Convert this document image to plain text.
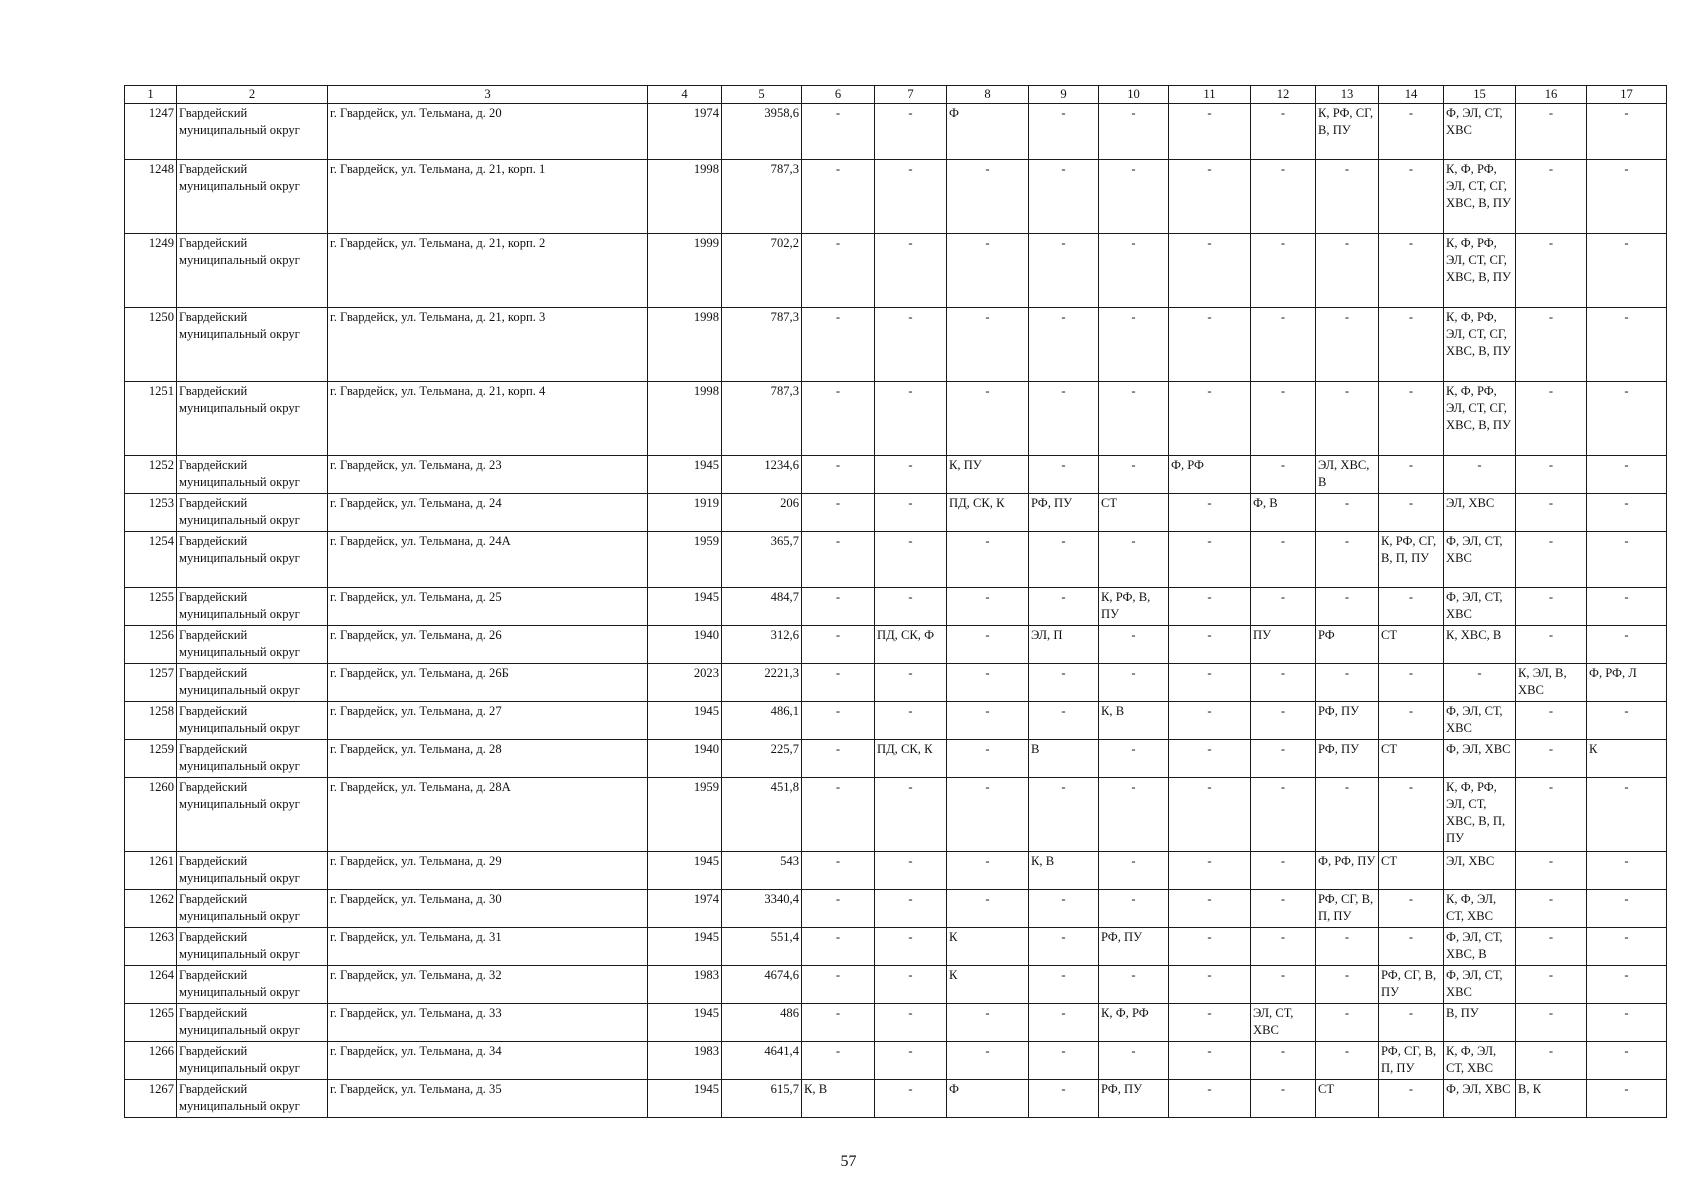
1	2	3	4	5	6	7	8	9	10	11	12	13	14	15	16	17
1247	Гвардейский муниципальный округ	г. Гвардейск, ул. Тельмана, д. 20	1974	3958,6	-	-	Ф	-	-	-	-	К, РФ, СГ, В, ПУ	-	Ф, ЭЛ, СТ, ХВС	-	-
1248	Гвардейский муниципальный округ	г. Гвардейск, ул. Тельмана, д. 21, корп. 1	1998	787,3	-	-	-	-	-	-	-	-	-	К, Ф, РФ, ЭЛ, СТ, СГ, ХВС, В, ПУ	-	-
1249	Гвардейский муниципальный округ	г. Гвардейск, ул. Тельмана, д. 21, корп. 2	1999	702,2	-	-	-	-	-	-	-	-	-	К, Ф, РФ, ЭЛ, СТ, СГ, ХВС, В, ПУ	-	-
1250	Гвардейский муниципальный округ	г. Гвардейск, ул. Тельмана, д. 21, корп. 3	1998	787,3	-	-	-	-	-	-	-	-	-	К, Ф, РФ, ЭЛ, СТ, СГ, ХВС, В, ПУ	-	-
1251	Гвардейский муниципальный округ	г. Гвардейск, ул. Тельмана, д. 21, корп. 4	1998	787,3	-	-	-	-	-	-	-	-	-	К, Ф, РФ, ЭЛ, СТ, СГ, ХВС, В, ПУ	-	-
1252	Гвардейский муниципальный округ	г. Гвардейск, ул. Тельмана, д. 23	1945	1234,6	-	-	К, ПУ	-	-	Ф, РФ	-	ЭЛ, ХВС, В	-	-	-	-
1253	Гвардейский муниципальный округ	г. Гвардейск, ул. Тельмана, д. 24	1919	206	-	-	ПД, СК, К	РФ, ПУ	СТ	-	Ф, В	-	-	ЭЛ, ХВС	-	-
1254	Гвардейский муниципальный округ	г. Гвардейск, ул. Тельмана, д. 24А	1959	365,7	-	-	-	-	-	-	-	-	К, РФ, СГ, В, П, ПУ	Ф, ЭЛ, СТ, ХВС	-	-
1255	Гвардейский муниципальный округ	г. Гвардейск, ул. Тельмана, д. 25	1945	484,7	-	-	-	-	К, РФ, В, ПУ	-	-	-	-	Ф, ЭЛ, СТ, ХВС	-	-
1256	Гвардейский муниципальный округ	г. Гвардейск, ул. Тельмана, д. 26	1940	312,6	-	ПД, СК, Ф	-	ЭЛ, П	-	-	ПУ	РФ	СТ	К, ХВС, В	-	-
1257	Гвардейский муниципальный округ	г. Гвардейск, ул. Тельмана, д. 26Б	2023	2221,3	-	-	-	-	-	-	-	-	-	-	К, ЭЛ, В, ХВС	Ф, РФ, Л
1258	Гвардейский муниципальный округ	г. Гвардейск, ул. Тельмана, д. 27	1945	486,1	-	-	-	-	К, В	-	-	РФ, ПУ	-	Ф, ЭЛ, СТ, ХВС	-	-
1259	Гвардейский муниципальный округ	г. Гвардейск, ул. Тельмана, д. 28	1940	225,7	-	ПД, СК, К	-	В	-	-	-	РФ, ПУ	СТ	Ф, ЭЛ, ХВС	-	К
1260	Гвардейский муниципальный округ	г. Гвардейск, ул. Тельмана, д. 28А	1959	451,8	-	-	-	-	-	-	-	-	-	К, Ф, РФ, ЭЛ, СТ, ХВС, В, П, ПУ	-	-
1261	Гвардейский муниципальный округ	г. Гвардейск, ул. Тельмана, д. 29	1945	543	-	-	-	К, В	-	-	-	Ф, РФ, ПУ	СТ	ЭЛ, ХВС	-	-
1262	Гвардейский муниципальный округ	г. Гвардейск, ул. Тельмана, д. 30	1974	3340,4	-	-	-	-	-	-	-	РФ, СГ, В, П, ПУ	-	К, Ф, ЭЛ, СТ, ХВС	-	-
1263	Гвардейский муниципальный округ	г. Гвардейск, ул. Тельмана, д. 31	1945	551,4	-	-	К	-	РФ, ПУ	-	-	-	-	Ф, ЭЛ, СТ, ХВС, В	-	-
1264	Гвардейский муниципальный округ	г. Гвардейск, ул. Тельмана, д. 32	1983	4674,6	-	-	К	-	-	-	-	-	РФ, СГ, В, ПУ	Ф, ЭЛ, СТ, ХВС	-	-
1265	Гвардейский муниципальный округ	г. Гвардейск, ул. Тельмана, д. 33	1945	486	-	-	-	-	К, Ф, РФ	-	ЭЛ, СТ, ХВС	-	-	В, ПУ	-	-
1266	Гвардейский муниципальный округ	г. Гвардейск, ул. Тельмана, д. 34	1983	4641,4	-	-	-	-	-	-	-	-	РФ, СГ, В, П, ПУ	К, Ф, ЭЛ, СТ, ХВС	-	-
1267	Гвардейский муниципальный округ	г. Гвардейск, ул. Тельмана, д. 35	1945	615,7	К, В	-	Ф	-	РФ, ПУ	-	-	СТ	-	Ф, ЭЛ, ХВС	В, К	-
57
